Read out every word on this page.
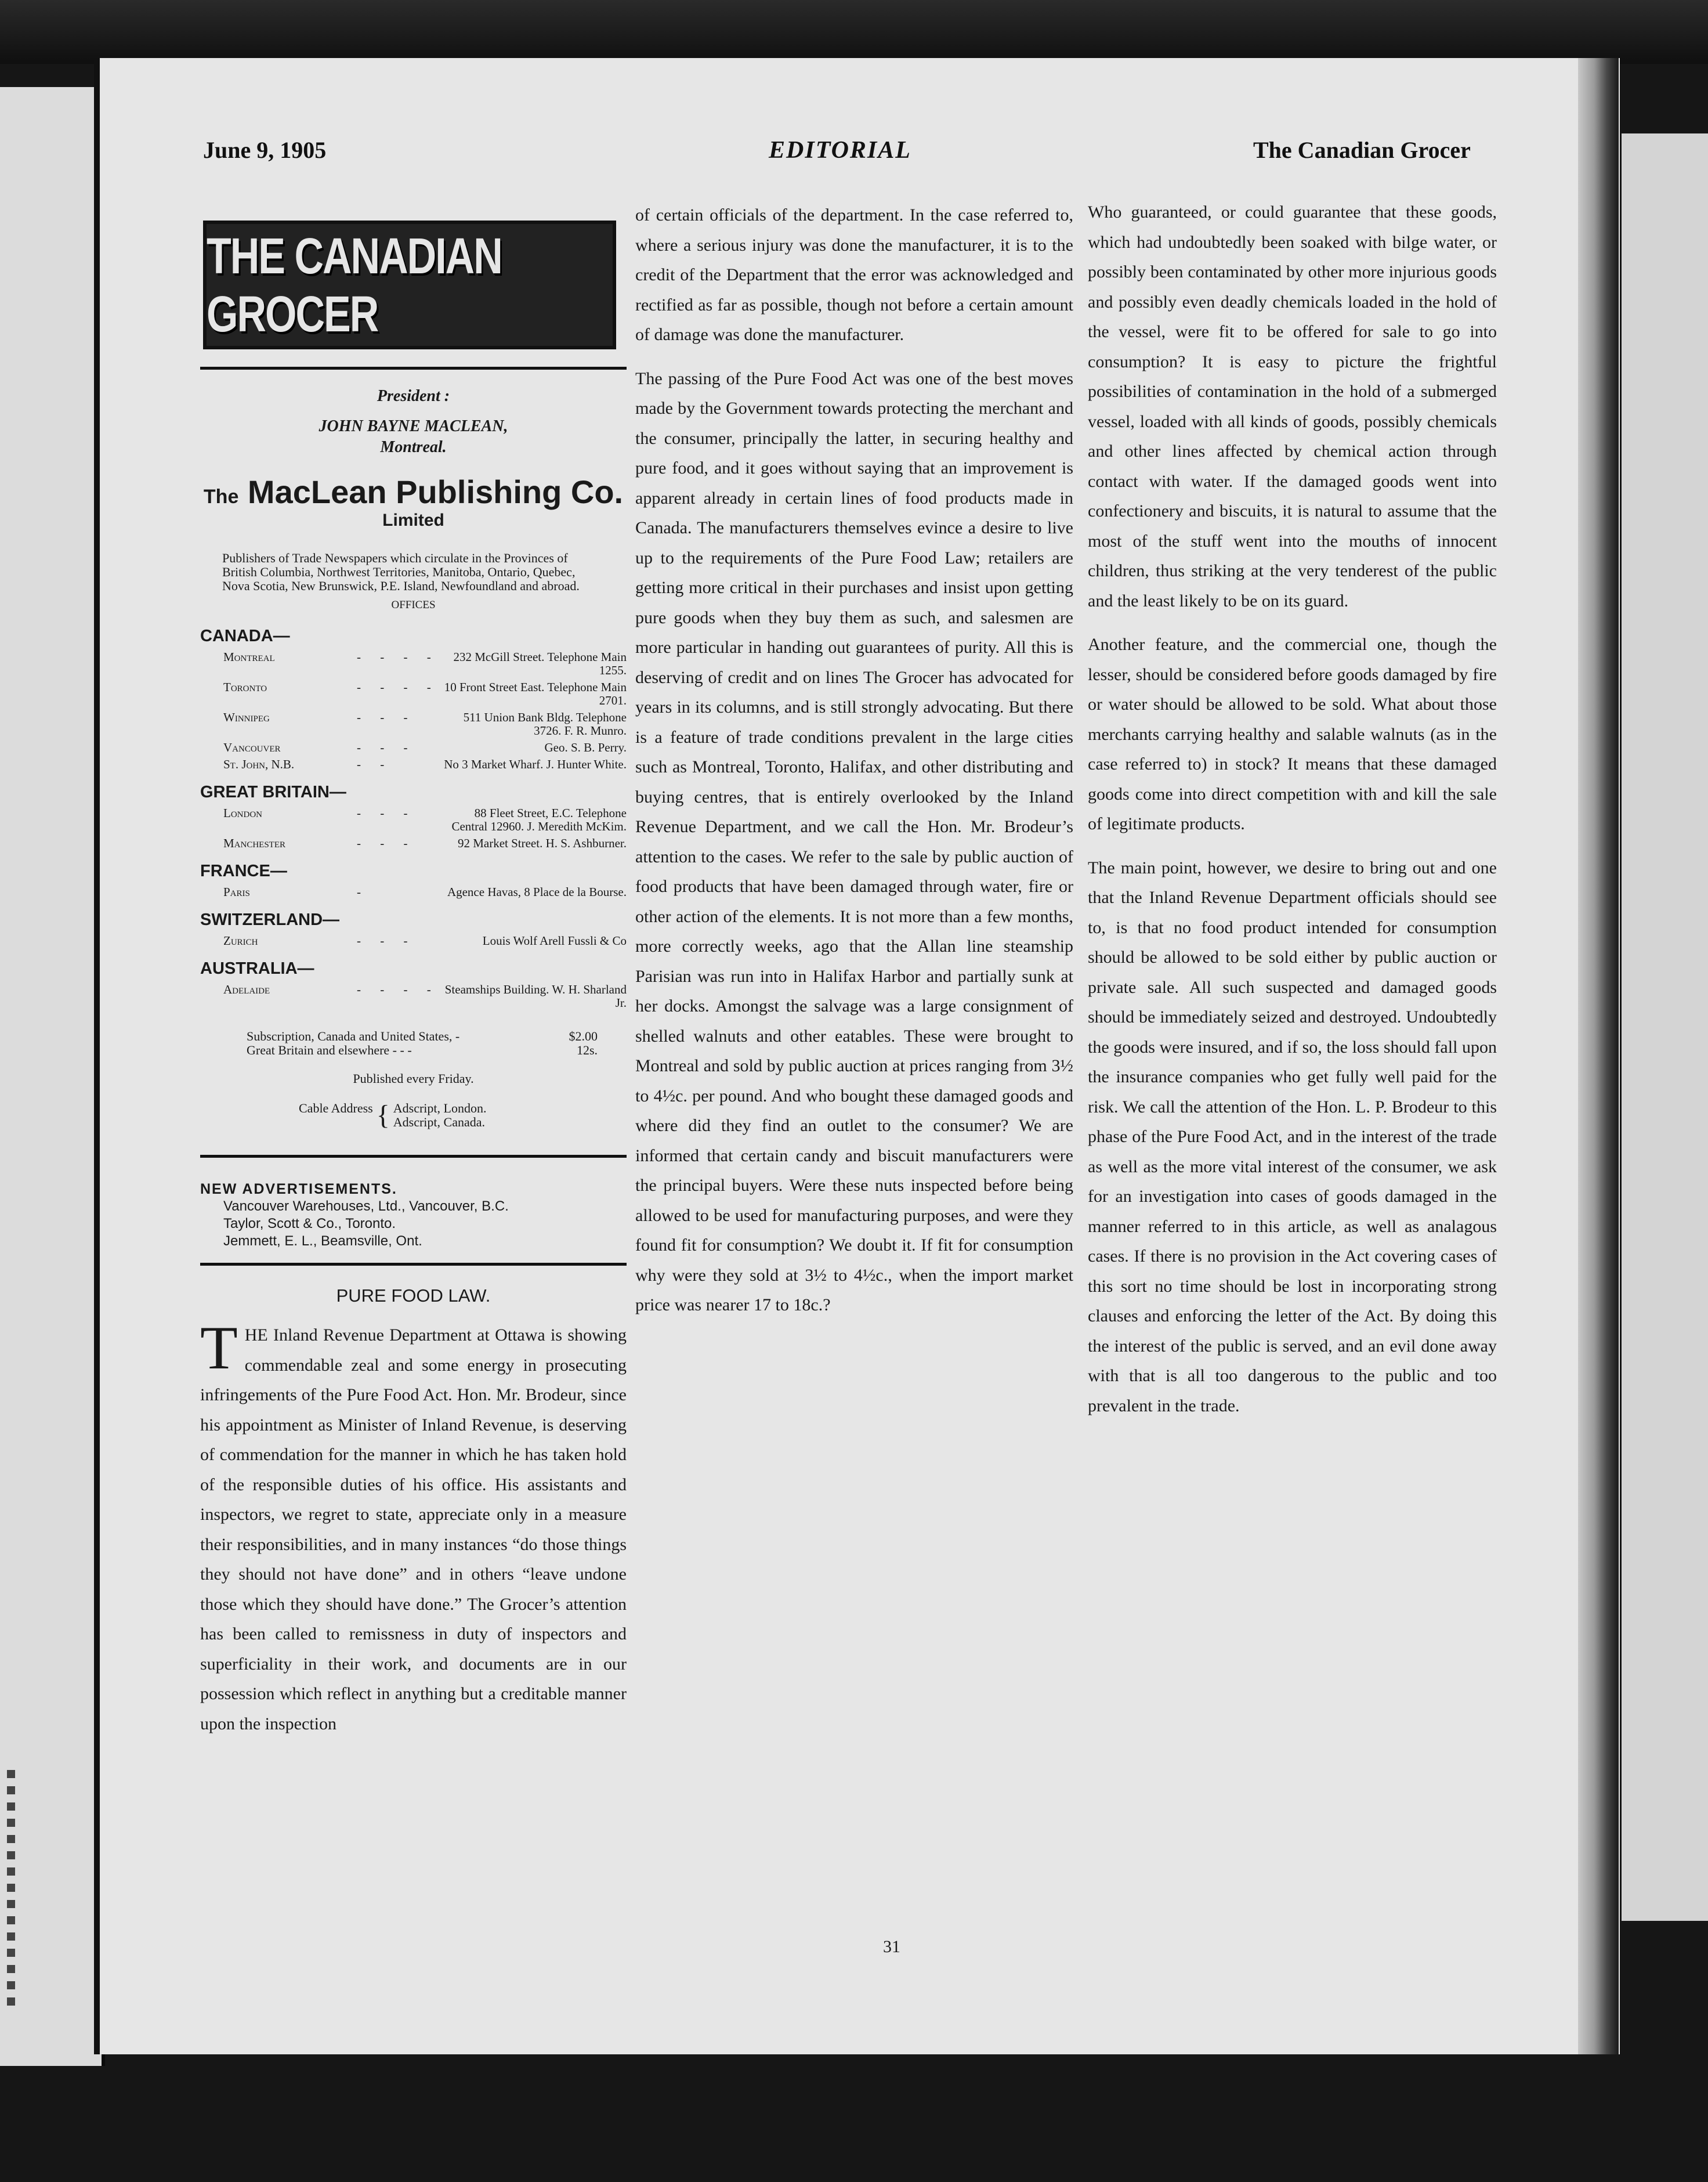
June 9, 1905	EDITORIAL	The Canadian Grocer
THE CANADIAN GROCER
President :
JOHN BAYNE MACLEAN,
Montreal.
The MacLean Publishing Co.
Limited
Publishers of Trade Newspapers which circulate in the Provinces of British Columbia, Northwest Territories, Manitoba, Ontario, Quebec, Nova Scotia, New Brunswick, P.E. Island, Newfoundland and abroad.
OFFICES
CANADA—
Montreal	- - - -	232 McGill Street. Telephone Main 1255.
Toronto	- - - - 10 Front Street East. Telephone Main 2701.
Winnipeg	- - -	511 Union Bank Bldg. Telephone 3726. F. R. Munro.
Vancouver	- - -	Geo. S. B. Perry.
St. John, N.B.	- -	No 3 Market Wharf. J. Hunter White.
GREAT BRITAIN—
London	- - -	88 Fleet Street, E.C. Telephone Central 12960. J. Meredith McKim.
Manchester	- - -	92 Market Street. H. S. Ashburner.
FRANCE—
Paris	-	Agence Havas, 8 Place de la Bourse.
SWITZERLAND—
Zurich	- - -	Louis Wolf Arell Fussli & Co
AUSTRALIA—
Adelaide	- - - - Steamships Building. W. H. Sharland Jr.
Subscription, Canada and United States, -	$2.00
Great Britain and elsewhere - - -	12s.
Published every Friday.
Cable Address { Adscript, London.
Adscript, Canada.
NEW ADVERTISEMENTS.
Vancouver Warehouses, Ltd., Vancouver, B.C.
Taylor, Scott & Co., Toronto.
Jemmett, E. L., Beamsville, Ont.
PURE FOOD LAW.
T HE Inland Revenue Department at Ottawa is showing commendable zeal and some energy in prosecuting infringements of the Pure Food Act. Hon. Mr. Brodeur, since his appointment as Minister of Inland Revenue, is deserving of commendation for the manner in which he has taken hold of the responsible duties of his office. His assistants and inspectors, we regret to state, appreciate only in a measure their responsibilities, and in many instances “do those things they should not have done” and in others “leave undone those which they should have done.” The Grocer’s attention has been called to remissness in duty of inspectors and superficiality in their work, and documents are in our possession which reflect in anything but a creditable manner upon the inspection

of certain officials of the department. In the case referred to, where a serious injury was done the manufacturer, it is to the credit of the Department that the error was acknowledged and rectified as far as possible, though not before a certain amount of damage was done the manufacturer.

The passing of the Pure Food Act was one of the best moves made by the Government towards protecting the merchant and the consumer, principally the latter, in securing healthy and pure food, and it goes without saying that an improvement is apparent already in certain lines of food products made in Canada. The manufacturers themselves evince a desire to live up to the requirements of the Pure Food Law; retailers are getting more critical in their purchases and insist upon getting pure goods when they buy them as such, and salesmen are more particular in handing out guarantees of purity. All this is deserving of credit and on lines The Grocer has advocated for years in its columns, and is still strongly advocating. But there is a feature of trade conditions prevalent in the large cities such as Montreal, Toronto, Halifax, and other distributing and buying centres, that is entirely overlooked by the Inland Revenue Department, and we call the Hon. Mr. Brodeur’s attention to the cases. We refer to the sale by public auction of food products that have been damaged through water, fire or other action of the elements. It is not more than a few months, more correctly weeks, ago that the Allan line steamship Parisian was run into in Halifax Harbor and partially sunk at her docks. Amongst the salvage was a large consignment of shelled walnuts and other eatables. These were brought to Montreal and sold by public auction at prices ranging from 3½ to 4½c. per pound. And who bought these damaged goods and where did they find an outlet to the consumer? We are informed that certain candy and biscuit manufacturers were the principal buyers. Were these nuts inspected before being allowed to be used for manufacturing purposes, and were they found fit for consumption? We doubt it. If fit for consumption why were they sold at 3½ to 4½c., when the import market price was nearer 17 to 18c.?

Who guaranteed, or could guarantee that these goods, which had undoubtedly been soaked with bilge water, or possibly been contaminated by other more injurious goods and possibly even deadly chemicals loaded in the hold of the vessel, were fit to be offered for sale to go into consumption? It is easy to picture the frightful possibilities of contamination in the hold of a submerged vessel, loaded with all kinds of goods, possibly chemicals and other lines affected by chemical action through contact with water. If the damaged goods went into confectionery and biscuits, it is natural to assume that the most of the stuff went into the mouths of innocent children, thus striking at the very tenderest of the public and the least likely to be on its guard.

Another feature, and the commercial one, though the lesser, should be considered before goods damaged by fire or water should be allowed to be sold. What about those merchants carrying healthy and salable walnuts (as in the case referred to) in stock? It means that these damaged goods come into direct competition with and kill the sale of legitimate products.

The main point, however, we desire to bring out and one that the Inland Revenue Department officials should see to, is that no food product intended for consumption should be allowed to be sold either by public auction or private sale. All such suspected and damaged goods should be immediately seized and destroyed. Undoubtedly the goods were insured, and if so, the loss should fall upon the insurance companies who get fully well paid for the risk. We call the attention of the Hon. L. P. Brodeur to this phase of the Pure Food Act, and in the interest of the trade as well as the more vital interest of the consumer, we ask for an investigation into cases of goods damaged in the manner referred to in this article, as well as analagous cases. If there is no provision in the Act covering cases of this sort no time should be lost in incorporating strong clauses and enforcing the letter of the Act. By doing this the interest of the public is served, and an evil done away with that is all too dangerous to the public and too prevalent in the trade.

31
